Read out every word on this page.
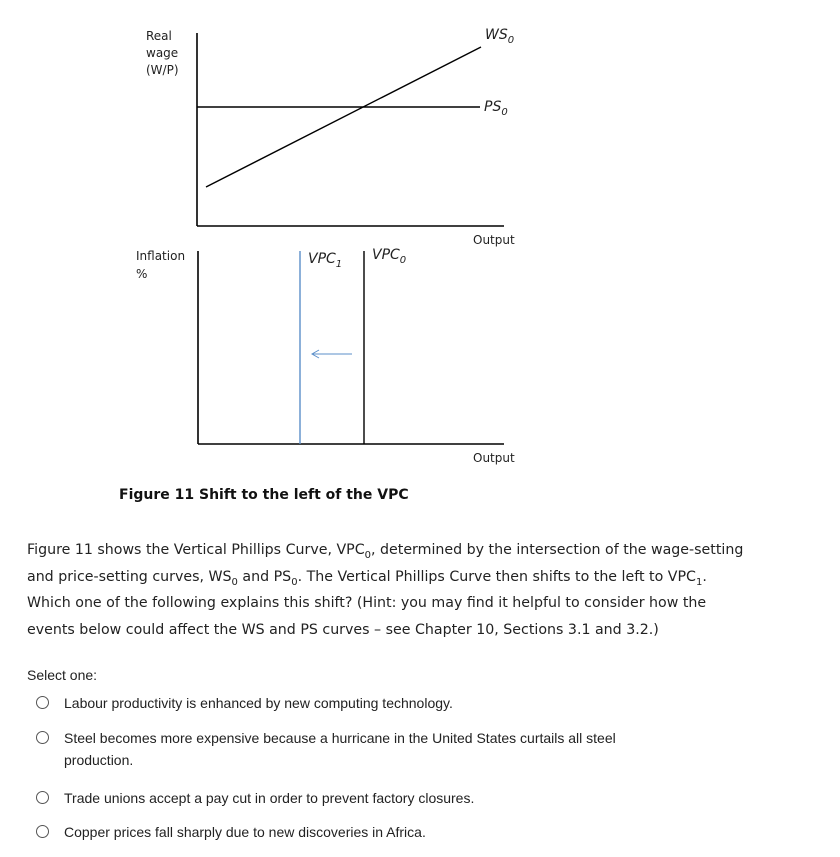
Real wage (W/P)
$WS_0$
$PS_0$
Output
Inflation %
$VPC_1$
$VPC_0$
Output
Figure 11 Shift to the left of the VPC
Figure 11 shows the Vertical Phillips Curve, $VPC_0$, determined by the intersection of the wage-setting and price-setting curves, $WS_0$ and $PS_0$. The Vertical Phillips Curve then shifts to the left to $VPC_1$. Which one of the following explains this shift? (Hint: you may find it helpful to consider how the events below could affect the WS and PS curves – see Chapter 10, Sections 3.1 and 3.2.)
Select one:
Labour productivity is enhanced by new computing technology.
Steel becomes more expensive because a hurricane in the United States curtails all steel production.
Trade unions accept a pay cut in order to prevent factory closures.
Copper prices fall sharply due to new discoveries in Africa.
